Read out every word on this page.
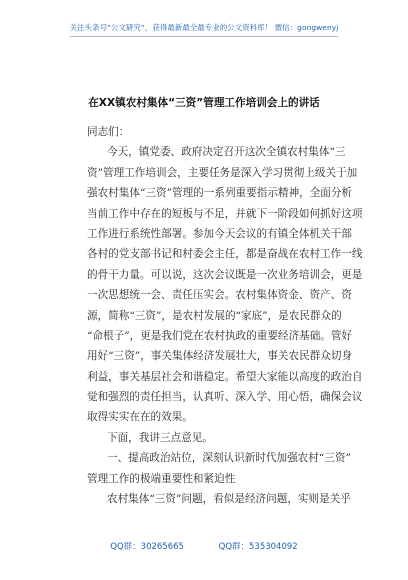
关注头条号“公文研究”，获得最新最全最专业的公文资料库！ 微信：gongwenyj
在XX镇农村集体“三资”管理工作培训会上的讲话
同志们：
今天，镇党委、政府决定召开这次全镇农村集体“三
资”管理工作培训会，主要任务是深入学习贯彻上级关于加
强农村集体“三资”管理的一系列重要指示精神，全面分析
当前工作中存在的短板与不足，并就下一阶段如何抓好这项
工作进行系统性部署。参加今天会议的有镇全体机关干部
各村的党支部书记和村委会主任，都是奋战在农村工作一线
的骨干力量。可以说，这次会议既是一次业务培训会，更是
一次思想统一会、责任压实会。农村集体资金、资产、资
源，简称“三资”，是农村发展的“家底”，是农民群众的
“命根子”，更是我们党在农村执政的重要经济基础。管好
用好“三资”，事关集体经济发展壮大，事关农民群众切身
利益，事关基层社会和谐稳定。希望大家能以高度的政治自
觉和强烈的责任担当，认真听、深入学、用心悟，确保会议
取得实实在在的效果。
下面，我讲三点意见。
一、提高政治站位，深刻认识新时代加强农村“三资”
管理工作的极端重要性和紧迫性
农村集体“三资”问题，看似是经济问题，实则是关乎
QQ群：30265665	QQ群：535304092
